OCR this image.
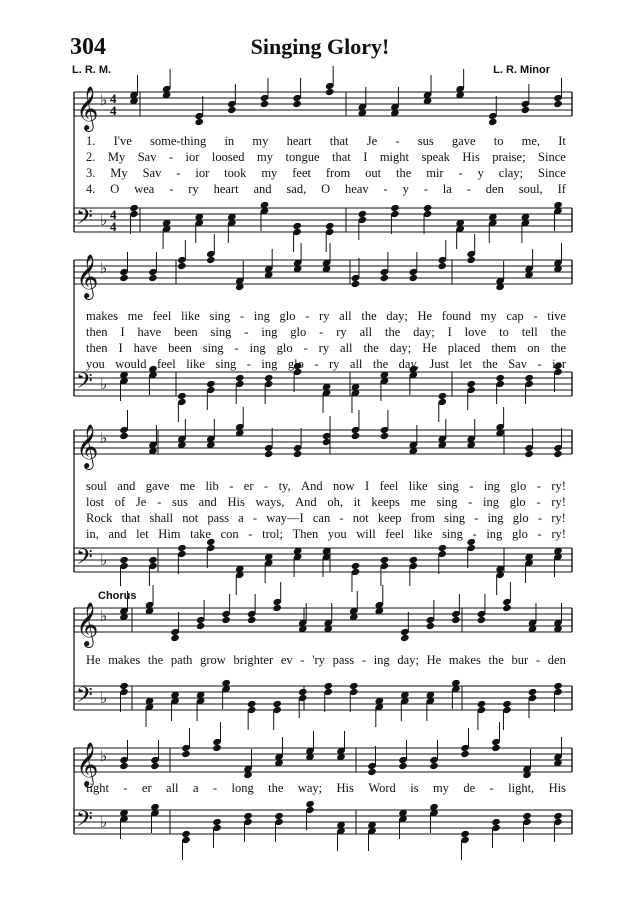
304	Singing Glory!
L. R. M.	L. R. Minor
Chorus
𝄞 ♭ 4
4
𝄢 ♭ 4
4
𝄞 ♭
𝄢 ♭
𝄞 ♭
𝄢 ♭
𝄞 ♭
𝄢 ♭
𝄞 ♭
𝄢 ♭
1. I've some-thing in my heart that Je - sus gave to me, It
2. My Sav - ior loosed my tongue that I might speak His praise; Since
3. My Sav - ior took my feet from out the mir - y clay; Since
4. O wea - ry heart and sad, O heav - y - la - den soul, If
makes me feel like sing - ing glo - ry all the day; He found my cap - tive
then I have been sing - ing glo - ry all the day; I love to tell the
then I have been sing - ing glo - ry all the day; He placed them on the
you would feel like sing - ing glo - ry all the day, Just let the Sav - ior
soul and gave me lib - er - ty, And now I feel like sing - ing glo - ry!
lost of Je - sus and His ways, And oh, it keeps me sing - ing glo - ry!
Rock that shall not pass a - way—I can - not keep from sing - ing glo - ry!
in, and let Him take con - trol; Then you will feel like sing - ing glo - ry!
He makes the path grow brighter ev - 'ry pass - ing day; He makes the bur - den
light - er all a - long the way; His Word is my de - light, His
